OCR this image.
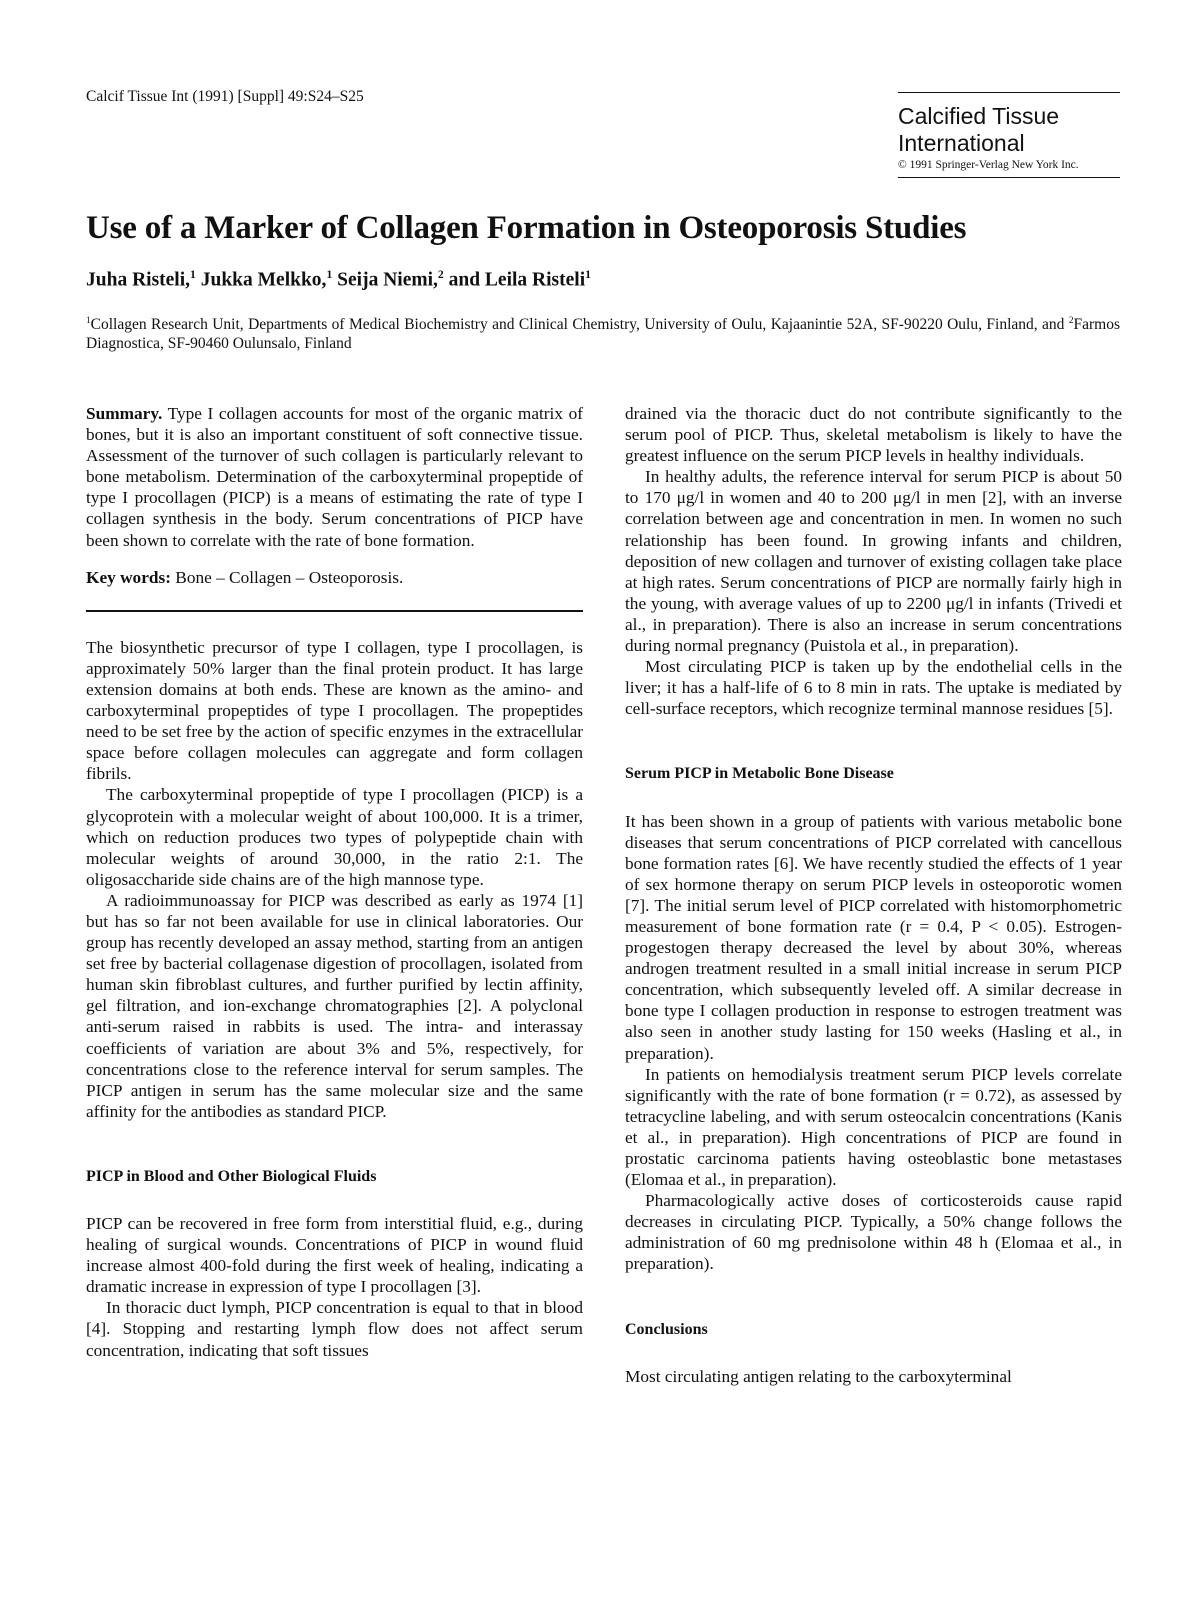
Calcif Tissue Int (1991) [Suppl] 49:S24–S25
Calcified Tissue
International
© 1991 Springer-Verlag New York Inc.
Use of a Marker of Collagen Formation in Osteoporosis Studies
Juha Risteli,$^1$ Jukka Melkko,$^1$ Seija Niemi,$^2$ and Leila Risteli$^1$
$^1$Collagen Research Unit, Departments of Medical Biochemistry and Clinical Chemistry, University of Oulu, Kajaanintie 52A, SF-90220 Oulu, Finland, and $^2$Farmos Diagnostica, SF-90460 Oulunsalo, Finland

Summary. Type I collagen accounts for most of the organic matrix of bones, but it is also an important constituent of soft connective tissue. Assessment of the turnover of such collagen is particularly relevant to bone metabolism. Determination of the carboxyterminal propeptide of type I procollagen (PICP) is a means of estimating the rate of type I collagen synthesis in the body. Serum concentrations of PICP have been shown to correlate with the rate of bone formation.

Key words: Bone – Collagen – Osteoporosis.

The biosynthetic precursor of type I collagen, type I procollagen, is approximately 50% larger than the final protein product. It has large extension domains at both ends. These are known as the amino- and carboxyterminal propeptides of type I procollagen. The propeptides need to be set free by the action of specific enzymes in the extracellular space before collagen molecules can aggregate and form collagen fibrils.

The carboxyterminal propeptide of type I procollagen (PICP) is a glycoprotein with a molecular weight of about 100,000. It is a trimer, which on reduction produces two types of polypeptide chain with molecular weights of around 30,000, in the ratio 2:1. The oligosaccharide side chains are of the high mannose type.

A radioimmunoassay for PICP was described as early as 1974 [1] but has so far not been available for use in clinical laboratories. Our group has recently developed an assay method, starting from an antigen set free by bacterial collagenase digestion of procollagen, isolated from human skin fibroblast cultures, and further purified by lectin affinity, gel filtration, and ion-exchange chromatographies [2]. A polyclonal anti-serum raised in rabbits is used. The intra- and interassay coefficients of variation are about 3% and 5%, respectively, for concentrations close to the reference interval for serum samples. The PICP antigen in serum has the same molecular size and the same affinity for the antibodies as standard PICP.

PICP in Blood and Other Biological Fluids

PICP can be recovered in free form from interstitial fluid, e.g., during healing of surgical wounds. Concentrations of PICP in wound fluid increase almost 400-fold during the first week of healing, indicating a dramatic increase in expression of type I procollagen [3].

In thoracic duct lymph, PICP concentration is equal to that in blood [4]. Stopping and restarting lymph flow does not affect serum concentration, indicating that soft tissues

drained via the thoracic duct do not contribute significantly to the serum pool of PICP. Thus, skeletal metabolism is likely to have the greatest influence on the serum PICP levels in healthy individuals.

In healthy adults, the reference interval for serum PICP is about 50 to 170 μg/l in women and 40 to 200 μg/l in men [2], with an inverse correlation between age and concentration in men. In women no such relationship has been found. In growing infants and children, deposition of new collagen and turnover of existing collagen take place at high rates. Serum concentrations of PICP are normally fairly high in the young, with average values of up to 2200 μg/l in infants (Trivedi et al., in preparation). There is also an increase in serum concentrations during normal pregnancy (Puistola et al., in preparation).

Most circulating PICP is taken up by the endothelial cells in the liver; it has a half-life of 6 to 8 min in rats. The uptake is mediated by cell-surface receptors, which recognize terminal mannose residues [5].

Serum PICP in Metabolic Bone Disease

It has been shown in a group of patients with various metabolic bone diseases that serum concentrations of PICP correlated with cancellous bone formation rates [6]. We have recently studied the effects of 1 year of sex hormone therapy on serum PICP levels in osteoporotic women [7]. The initial serum level of PICP correlated with histomorphometric measurement of bone formation rate (r = 0.4, P < 0.05). Estrogen-progestogen therapy decreased the level by about 30%, whereas androgen treatment resulted in a small initial increase in serum PICP concentration, which subsequently leveled off. A similar decrease in bone type I collagen production in response to estrogen treatment was also seen in another study lasting for 150 weeks (Hasling et al., in preparation).

In patients on hemodialysis treatment serum PICP levels correlate significantly with the rate of bone formation (r = 0.72), as assessed by tetracycline labeling, and with serum osteocalcin concentrations (Kanis et al., in preparation). High concentrations of PICP are found in prostatic carcinoma patients having osteoblastic bone metastases (Elomaa et al., in preparation).

Pharmacologically active doses of corticosteroids cause rapid decreases in circulating PICP. Typically, a 50% change follows the administration of 60 mg prednisolone within 48 h (Elomaa et al., in preparation).

Conclusions

Most circulating antigen relating to the carboxyterminal
